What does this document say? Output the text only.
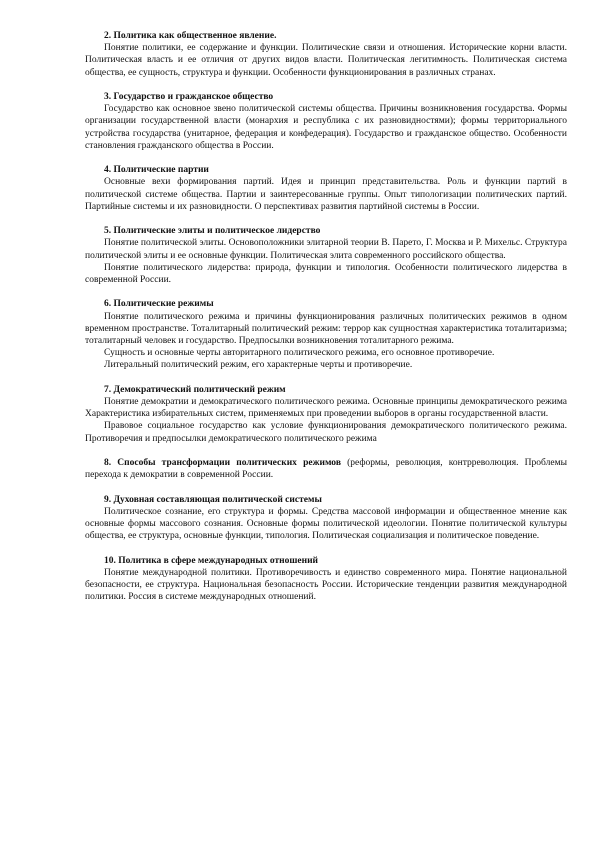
2. Политика как общественное явление.

Понятие политики, ее содержание и функции. Политические связи и отношения. Исторические корни власти. Политическая власть и ее отличия от других видов власти. Политическая легитимность. Политическая система общества, ее сущность, структура и функции. Особенности функционирования в различных странах.

3. Государство и гражданское общество

Государство как основное звено политической системы общества. Причины возникновения государства. Формы организации государственной власти (монархия и республика с их разновидностями); формы территориального устройства государства (унитарное, федерация и конфедерация). Государство и гражданское общество. Особенности становления гражданского общества в России.

4. Политические партии

Основные вехи формирования партий. Идея и принцип представительства. Роль и функции партий в политической системе общества. Партии и заинтересованные группы. Опыт типологизации политических партий. Партийные системы и их разновидности. О перспективах развития партийной системы в России.

5. Политические элиты и политическое лидерство

Понятие политической элиты. Основоположники элитарной теории В. Парето, Г. Москва и Р. Михельс. Структура политической элиты и ее основные функции. Политическая элита современного российского общества.

Понятие политического лидерства: природа, функции и типология. Особенности политического лидерства в современной России.

6. Политические режимы

Понятие политического режима и причины функционирования различных политических режимов в одном временном пространстве. Тоталитарный политический режим: террор как сущностная характеристика тоталитаризма; тоталитарный человек и государство. Предпосылки возникновения тоталитарного режима.

Сущность и основные черты авторитарного политического режима, его основное противоречие.

Литеральный политический режим, его характерные черты и противоречие.

7. Демократический политический режим

Понятие демократии и демократического политического режима. Основные принципы демократического режима Характеристика избирательных систем, применяемых при проведении выборов в органы государственной власти.

Правовое социальное государство как условие функционирования демократического политического режима. Противоречия и предпосылки демократического политического режима

8. Способы трансформации политических режимов (реформы, революция, контрреволюция. Проблемы перехода к демократии в современной России.

9. Духовная составляющая политической системы

Политическое сознание, его структура и формы. Средства массовой информации и общественное мнение как основные формы массового сознания. Основные формы политической идеологии. Понятие политической культуры общества, ее структура, основные функции, типология. Политическая социализация и политическое поведение.

10. Политика в сфере международных отношений

Понятие международной политики. Противоречивость и единство современного мира. Понятие национальной безопасности, ее структура. Национальная безопасность России. Исторические тенденции развития международной политики. Россия в системе международных отношений.
